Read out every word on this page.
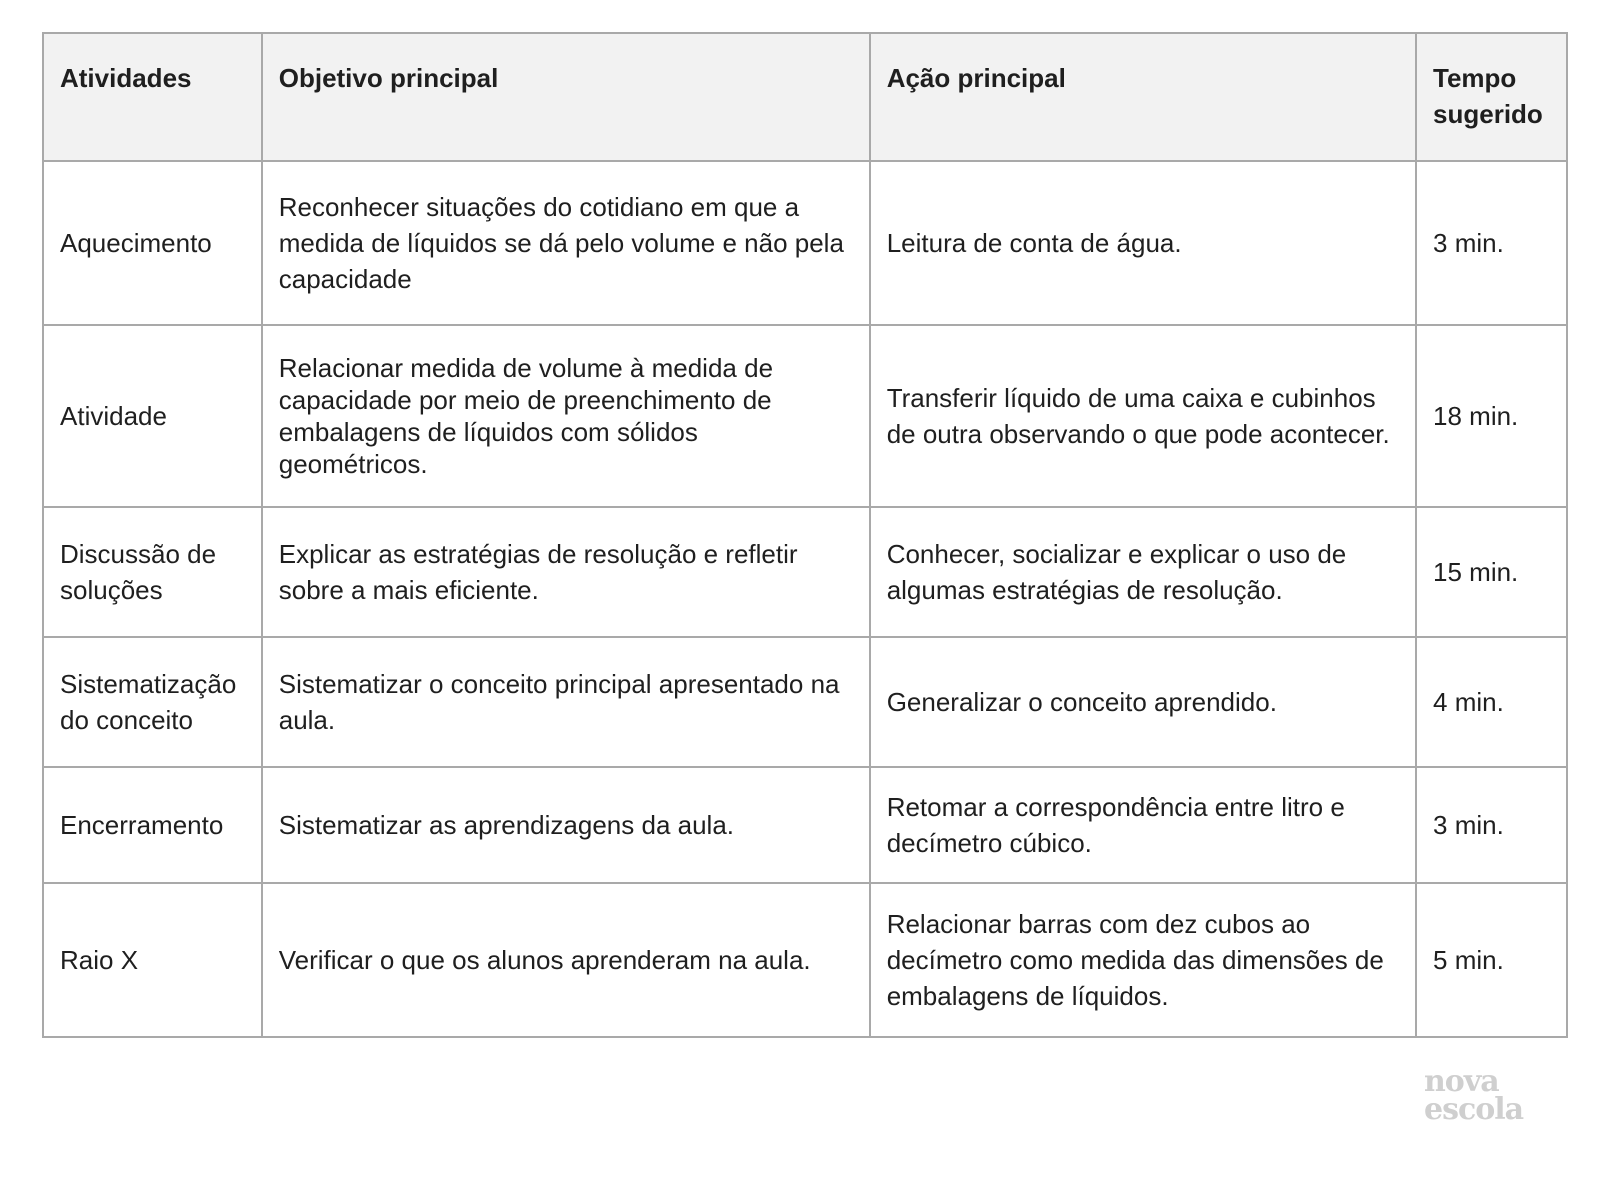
Atividades	Objetivo principal	Ação principal	Tempo sugerido
Aquecimento	Reconhecer situações do cotidiano em que a medida de líquidos se dá pelo volume e não pela capacidade	Leitura de conta de água.	3 min.
Atividade	Relacionar medida de volume à medida de capacidade por meio de preenchimento de embalagens de líquidos com sólidos geométricos.	Transferir líquido de uma caixa e cubinhos de outra observando o que pode acontecer.	18 min.
Discussão de soluções	Explicar as estratégias de resolução e refletir sobre a mais eficiente.	Conhecer, socializar e explicar o uso de algumas estratégias de resolução.	15 min.
Sistematização do conceito	Sistematizar o conceito principal apresentado na aula.	Generalizar o conceito aprendido.	4 min.
Encerramento	Sistematizar as aprendizagens da aula.	Retomar a correspondência entre litro e decímetro cúbico.	3 min.
Raio X	Verificar o que os alunos aprenderam na aula.	Relacionar barras com dez cubos ao decímetro como medida das dimensões de embalagens de líquidos.	5 min.
nova
escola
